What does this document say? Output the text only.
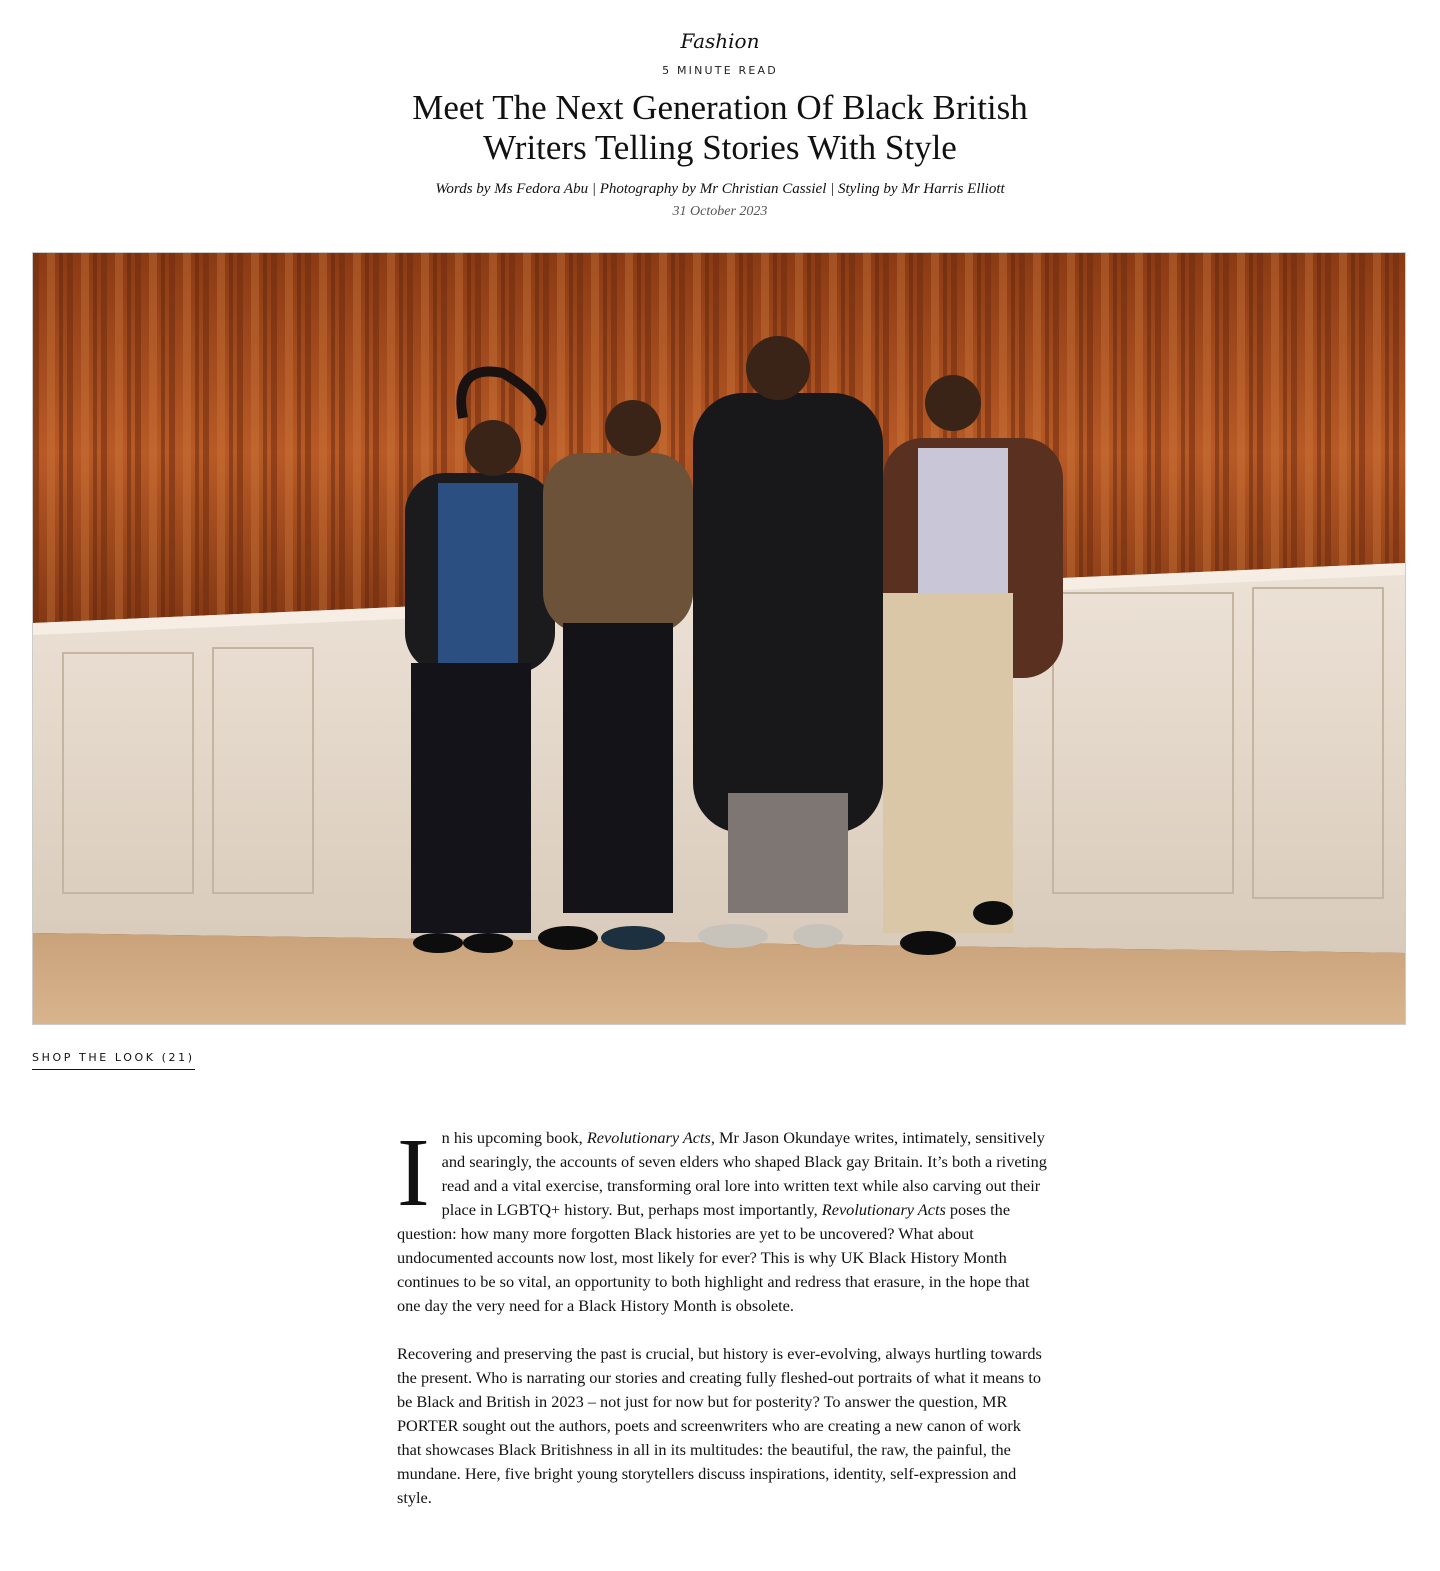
Fashion
5 MINUTE READ
Meet The Next Generation Of Black British Writers Telling Stories With Style
Words by Ms Fedora Abu | Photography by Mr Christian Cassiel | Styling by Mr Harris Elliott
31 October 2023
SHOP THE LOOK (21)

In his upcoming book, Revolutionary Acts, Mr Jason Okundaye writes, intimately, sensitively and searingly, the accounts of seven elders who shaped Black gay Britain. It’s both a riveting read and a vital exercise, transforming oral lore into written text while also carving out their place in LGBTQ+ history. But, perhaps most importantly, Revolutionary Acts poses the question: how many more forgotten Black histories are yet to be uncovered? What about undocumented accounts now lost, most likely for ever? This is why UK Black History Month continues to be so vital, an opportunity to both highlight and redress that erasure, in the hope that one day the very need for a Black History Month is obsolete.

Recovering and preserving the past is crucial, but history is ever-evolving, always hurtling towards the present. Who is narrating our stories and creating fully fleshed-out portraits of what it means to be Black and British in 2023 – not just for now but for posterity? To answer the question, MR PORTER sought out the authors, poets and screenwriters who are creating a new canon of work that showcases Black Britishness in all in its multitudes: the beautiful, the raw, the painful, the mundane. Here, five bright young storytellers discuss inspirations, identity, self-expression and style.
